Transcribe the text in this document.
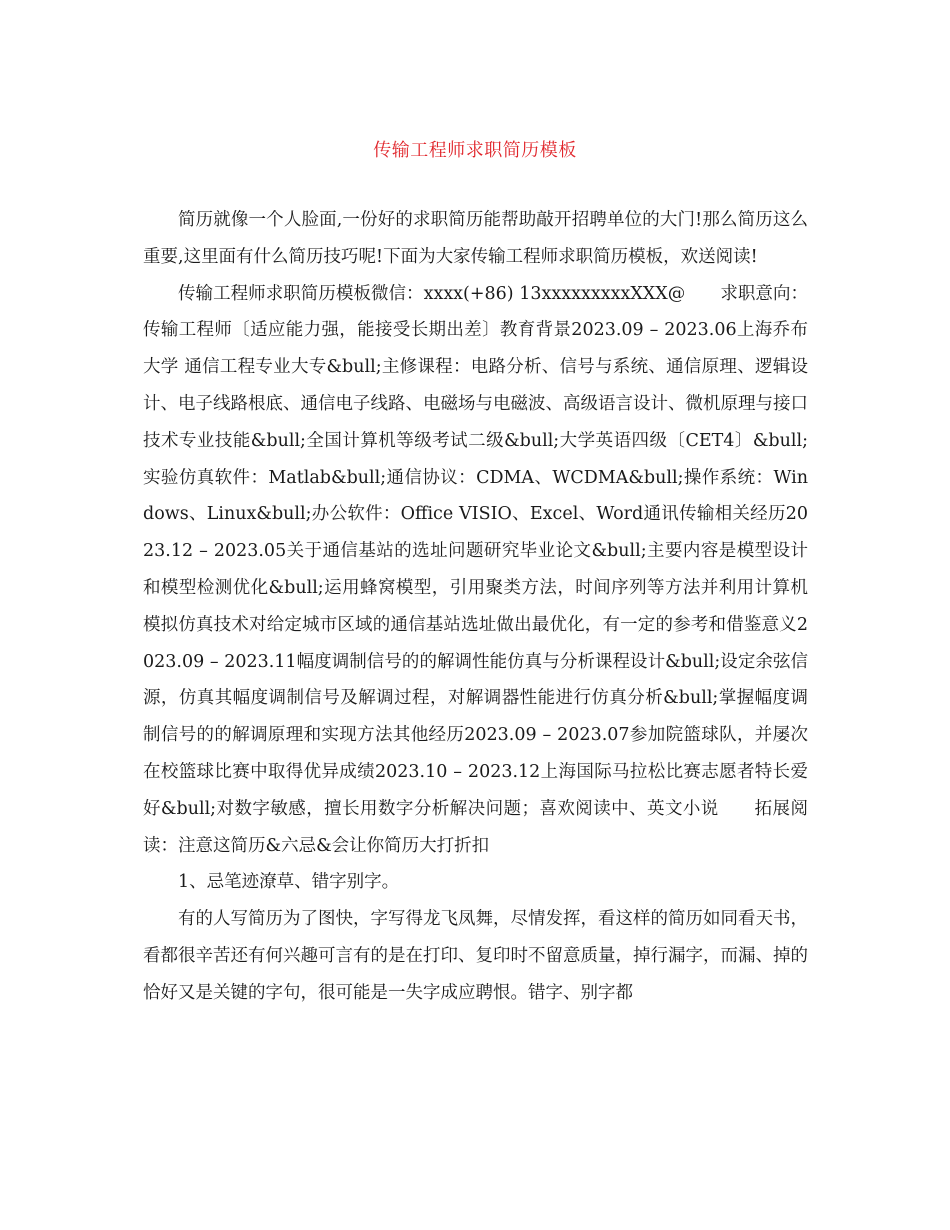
传输工程师求职简历模板

简历就像一个人脸面,一份好的求职简历能帮助敲开招聘单位的大门!那么简历这么重要,这里面有什么简历技巧呢!下面为大家传输工程师求职简历模板，欢送阅读!

传输工程师求职简历模板微信：xxxx(+86) 13xxxxxxxxxXXX@　　求职意向：传输工程师〔适应能力强，能接受长期出差〕教育背景2023.09 – 2023.06上海乔布大学 通信工程专业大专&bull;主修课程：电路分析、信号与系统、通信原理、逻辑设计、电子线路根底、通信电子线路、电磁场与电磁波、高级语言设计、微机原理与接口技术专业技能&bull;全国计算机等级考试二级&bull;大学英语四级〔CET4〕&bull;实验仿真软件：Matlab&bull;通信协议：CDMA、WCDMA&bull;操作系统：Windows、Linux&bull;办公软件：Office VISIO、Excel、Word通讯传输相关经历2023.12 – 2023.05关于通信基站的选址问题研究毕业论文&bull;主要内容是模型设计和模型检测优化&bull;运用蜂窝模型，引用聚类方法，时间序列等方法并利用计算机模拟仿真技术对给定城市区域的通信基站选址做出最优化，有一定的参考和借鉴意义2023.09 – 2023.11幅度调制信号的的解调性能仿真与分析课程设计&bull;设定余弦信源，仿真其幅度调制信号及解调过程，对解调器性能进行仿真分析&bull;掌握幅度调制信号的的解调原理和实现方法其他经历2023.09 – 2023.07参加院篮球队，并屡次在校篮球比赛中取得优异成绩2023.10 – 2023.12上海国际马拉松比赛志愿者特长爱好&bull;对数字敏感，擅长用数字分析解决问题；喜欢阅读中、英文小说　　拓展阅读：注意这简历&六忌&会让你简历大打折扣

1、忌笔迹潦草、错字别字。

有的人写简历为了图快，字写得龙飞凤舞，尽情发挥，看这样的简历如同看天书，看都很辛苦还有何兴趣可言有的是在打印、复印时不留意质量，掉行漏字，而漏、掉的恰好又是关键的字句，很可能是一失字成应聘恨。错字、别字都
